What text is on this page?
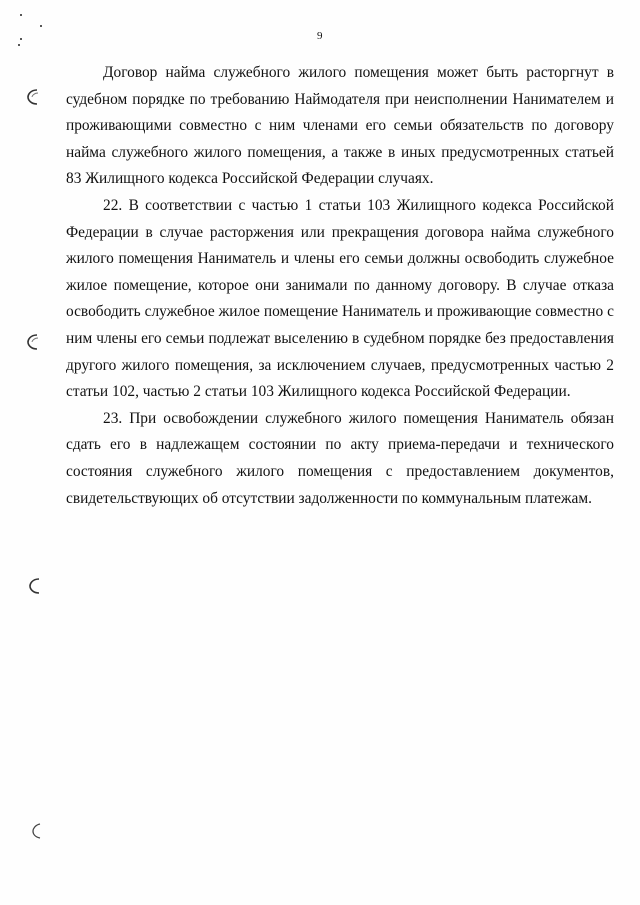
9

Договор найма служебного жилого помещения может быть расторгнут в судебном порядке по требованию Наймодателя при неисполнении Нанимателем и проживающими совместно с ним членами его семьи обязательств по договору найма служебного жилого помещения, а также в иных предусмотренных статьей 83 Жилищного кодекса Российской Федерации случаях.

22. В соответствии с частью 1 статьи 103 Жилищного кодекса Российской Федерации в случае расторжения или прекращения договора найма служебного жилого помещения Наниматель и члены его семьи должны освободить служебное жилое помещение, которое они занимали по данному договору. В случае отказа освободить служебное жилое помещение Наниматель и проживающие совместно с ним члены его семьи подлежат выселению в судебном порядке без предоставления другого жилого помещения, за исключением случаев, предусмотренных частью 2 статьи 102, частью 2 статьи 103 Жилищного кодекса Российской Федерации.

23. При освобождении служебного жилого помещения Наниматель обязан сдать его в надлежащем состоянии по акту приема-передачи и технического состояния служебного жилого помещения с предоставлением документов, свидетельствующих об отсутствии задолженности по коммунальным платежам.
